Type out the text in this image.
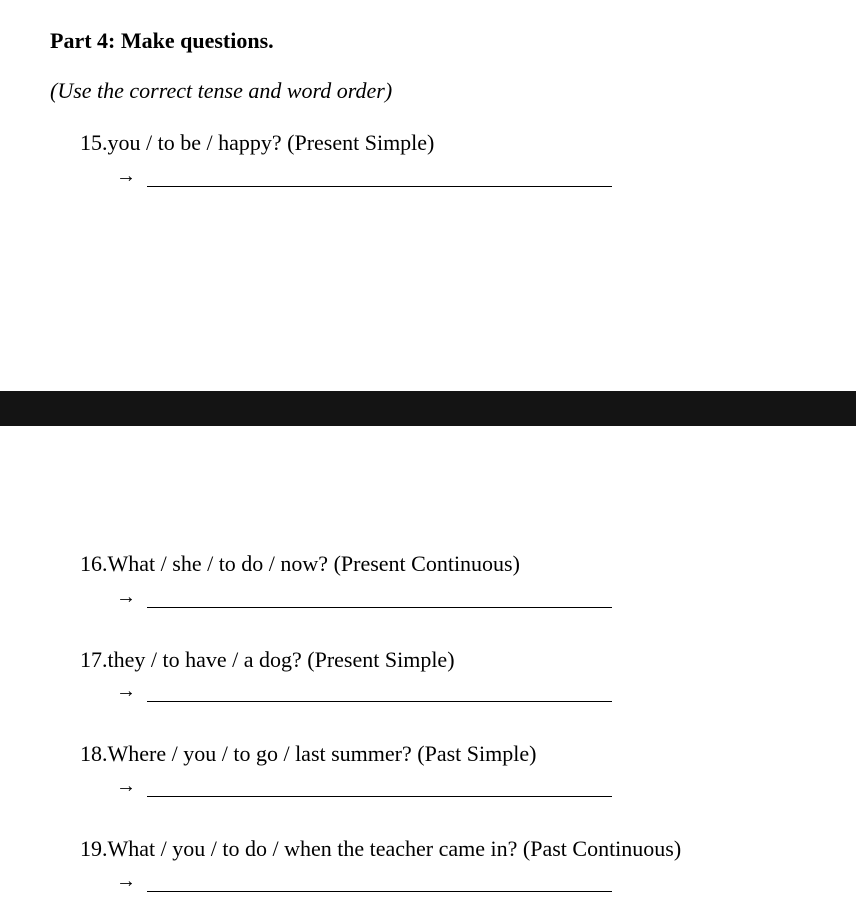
Part 4: Make questions.
(Use the correct tense and word order)
15.you / to be / happy? (Present Simple)
→
16.What / she / to do / now? (Present Continuous)
→
17.they / to have / a dog? (Present Simple)
→
18.Where / you / to go / last summer? (Past Simple)
→
19.What / you / to do / when the teacher came in? (Past Continuous)
→
